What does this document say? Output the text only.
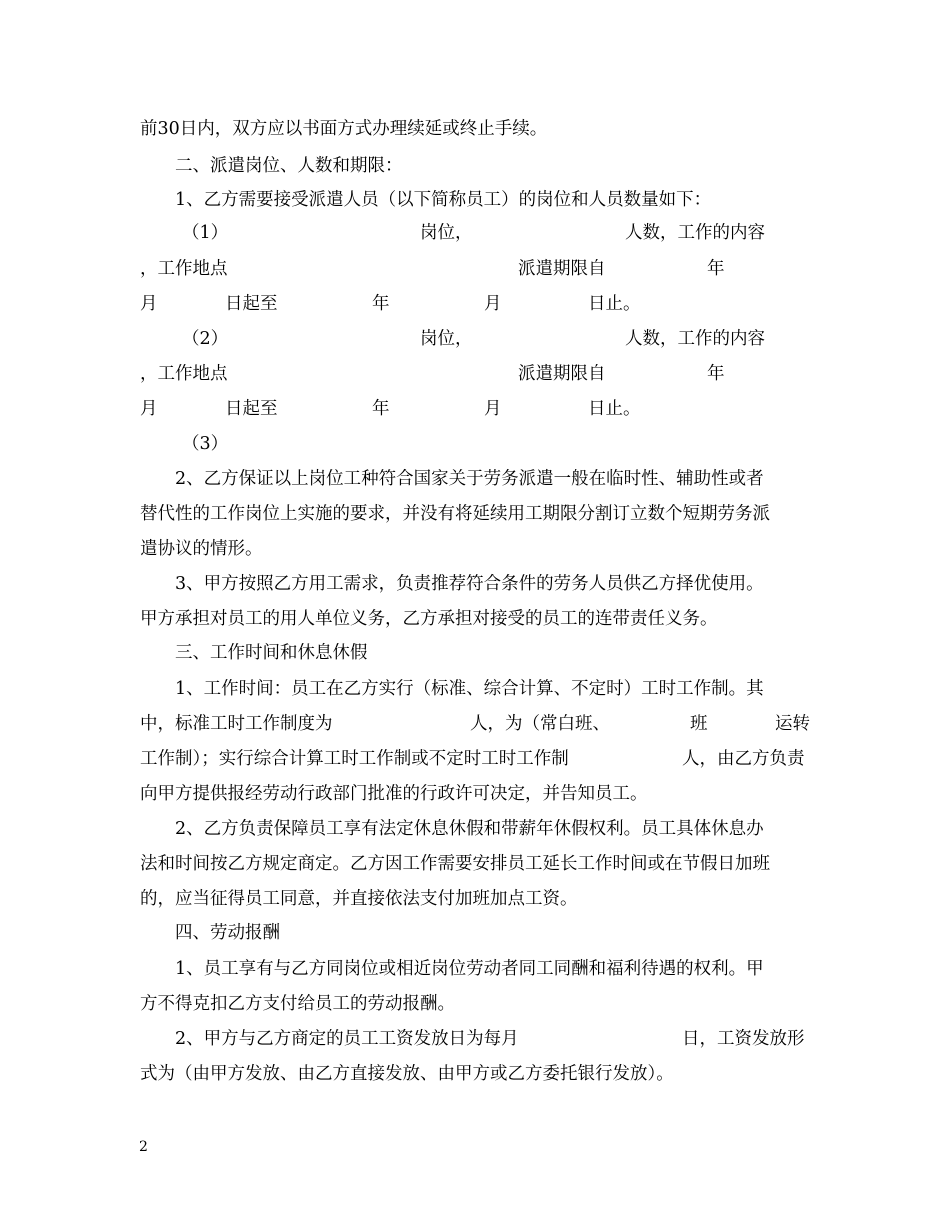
前30日内，双方应以书面方式办理续延或终止手续。
二、派遣岗位、人数和期限：
1、乙方需要接受派遣人员（以下简称员工）的岗位和人员数量如下：
（1）	岗位，	人数，工作的内容
，工作地点	派遣期限自	年
月	日起至	年	月	日止。
（2）	岗位，	人数，工作的内容
，工作地点	派遣期限自	年
月	日起至	年	月	日止。
（3）
2、乙方保证以上岗位工种符合国家关于劳务派遣一般在临时性、辅助性或者
替代性的工作岗位上实施的要求，并没有将延续用工期限分割订立数个短期劳务派
遣协议的情形。
3、甲方按照乙方用工需求，负责推荐符合条件的劳务人员供乙方择优使用。
甲方承担对员工的用人单位义务，乙方承担对接受的员工的连带责任义务。
三、工作时间和休息休假
1、工作时间：员工在乙方实行（标准、综合计算、不定时）工时工作制。其
中，标准工时工作制度为	人，为（常白班、	班	运转
工作制）；实行综合计算工时工作制或不定时工时工作制	人，由乙方负责
向甲方提供报经劳动行政部门批准的行政许可决定，并告知员工。
2、乙方负责保障员工享有法定休息休假和带薪年休假权利。员工具体休息办
法和时间按乙方规定商定。乙方因工作需要安排员工延长工作时间或在节假日加班
的，应当征得员工同意，并直接依法支付加班加点工资。
四、劳动报酬
1、员工享有与乙方同岗位或相近岗位劳动者同工同酬和福利待遇的权利。甲
方不得克扣乙方支付给员工的劳动报酬。
2、甲方与乙方商定的员工工资发放日为每月	日，工资发放形
式为（由甲方发放、由乙方直接发放、由甲方或乙方委托银行发放）。
2
